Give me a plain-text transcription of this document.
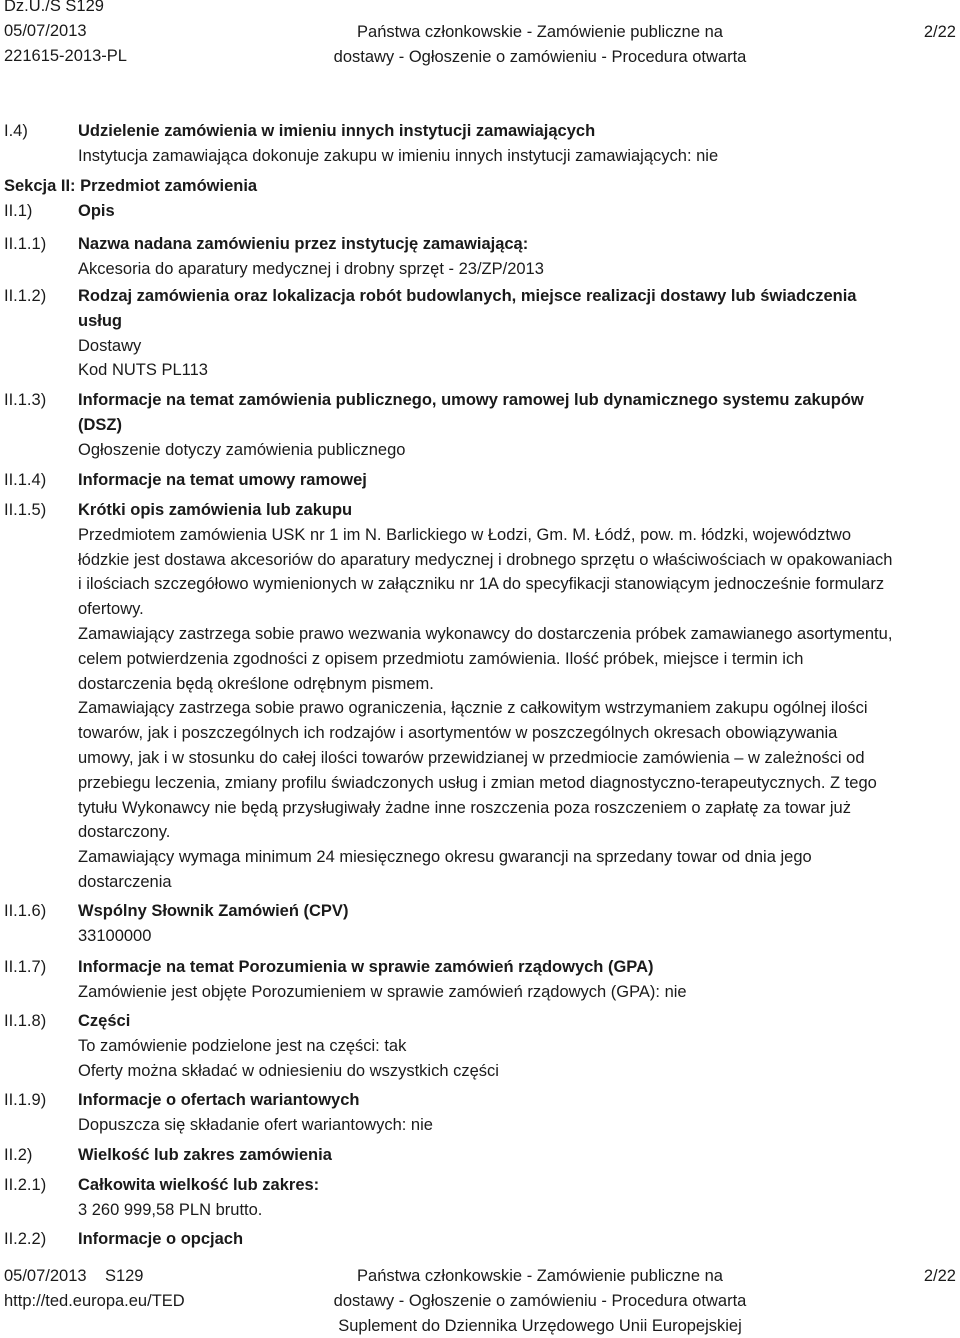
Dz.U./S S129
05/07/2013
221615-2013-PL
Państwa członkowskie - Zamówienie publiczne na
dostawy - Ogłoszenie o zamówieniu - Procedura otwarta
2/22
I.4)	Udzielenie zamówienia w imieniu innych instytucji zamawiających
Instytucja zamawiająca dokonuje zakupu w imieniu innych instytucji zamawiających: nie
Sekcja II: Przedmiot zamówienia
II.1)	Opis
II.1.1) Nazwa nadana zamówieniu przez instytucję zamawiającą:
Akcesoria do aparatury medycznej i drobny sprzęt - 23/ZP/2013
II.1.2) Rodzaj zamówienia oraz lokalizacja robót budowlanych, miejsce realizacji dostawy lub świadczenia
usług
Dostawy
Kod NUTS PL113
II.1.3) Informacje na temat zamówienia publicznego, umowy ramowej lub dynamicznego systemu zakupów
(DSZ)
Ogłoszenie dotyczy zamówienia publicznego
II.1.4) Informacje na temat umowy ramowej
II.1.5) Krótki opis zamówienia lub zakupu
Przedmiotem zamówienia USK nr 1 im N. Barlickiego w Łodzi, Gm. M. Łódź, pow. m. łódzki, województwo
łódzkie jest dostawa akcesoriów do aparatury medycznej i drobnego sprzętu o właściwościach w opakowaniach
i ilościach szczegółowo wymienionych w załączniku nr 1A do specyfikacji stanowiącym jednocześnie formularz
ofertowy.
Zamawiający zastrzega sobie prawo wezwania wykonawcy do dostarczenia próbek zamawianego asortymentu,
celem potwierdzenia zgodności z opisem przedmiotu zamówienia. Ilość próbek, miejsce i termin ich
dostarczenia będą określone odrębnym pismem.
Zamawiający zastrzega sobie prawo ograniczenia, łącznie z całkowitym wstrzymaniem zakupu ogólnej ilości
towarów, jak i poszczególnych ich rodzajów i asortymentów w poszczególnych okresach obowiązywania
umowy, jak i w stosunku do całej ilości towarów przewidzianej w przedmiocie zamówienia – w zależności od
przebiegu leczenia, zmiany profilu świadczonych usług i zmian metod diagnostyczno-terapeutycznych. Z tego
tytułu Wykonawcy nie będą przysługiwały żadne inne roszczenia poza roszczeniem o zapłatę za towar już
dostarczony.
Zamawiający wymaga minimum 24 miesięcznego okresu gwarancji na sprzedany towar od dnia jego
dostarczenia
II.1.6) Wspólny Słownik Zamówień (CPV)
33100000
II.1.7) Informacje na temat Porozumienia w sprawie zamówień rządowych (GPA)
Zamówienie jest objęte Porozumieniem w sprawie zamówień rządowych (GPA): nie
II.1.8) Części
To zamówienie podzielone jest na części: tak
Oferty można składać w odniesieniu do wszystkich części
II.1.9) Informacje o ofertach wariantowych
Dopuszcza się składanie ofert wariantowych: nie
II.2)	Wielkość lub zakres zamówienia
II.2.1) Całkowita wielkość lub zakres:
3 260 999,58 PLN brutto.
II.2.2) Informacje o opcjach
05/07/2013 S129
http://ted.europa.eu/TED
Państwa członkowskie - Zamówienie publiczne na
dostawy - Ogłoszenie o zamówieniu - Procedura otwarta
Suplement do Dziennika Urzędowego Unii Europejskiej
2/22
